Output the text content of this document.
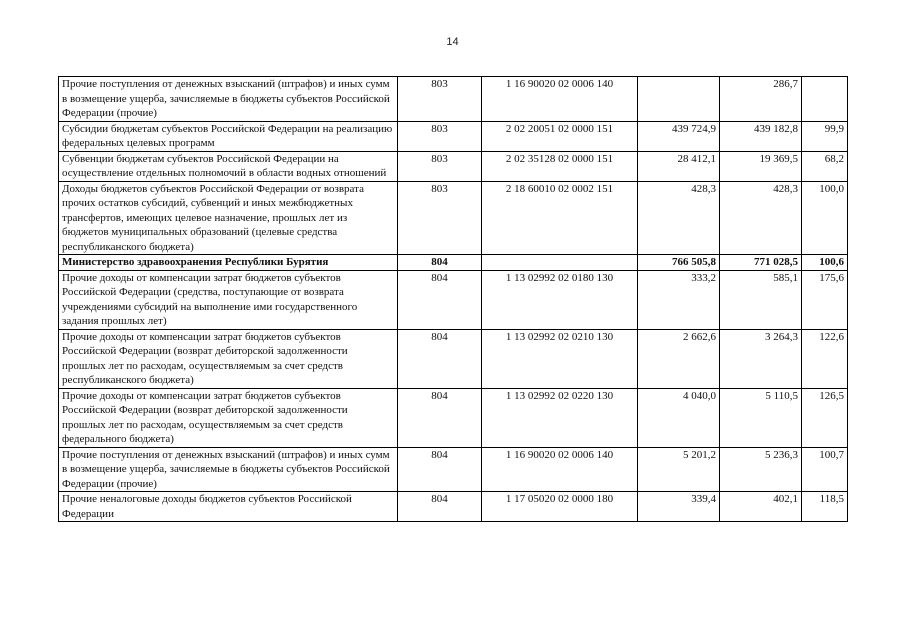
14
Прочие поступления от денежных взысканий (штрафов) и иных сумм в возмещение ущерба, зачисляемые в бюджеты субъектов Российской Федерации (прочие)	803	1 16 90020 02 0006 140		286,7	
Субсидии бюджетам субъектов Российской Федерации на реализацию федеральных целевых программ	803	2 02 20051 02 0000 151	439 724,9	439 182,8	99,9
Субвенции бюджетам субъектов Российской Федерации на осуществление отдельных полномочий в области водных отношений	803	2 02 35128 02 0000 151	28 412,1	19 369,5	68,2
Доходы бюджетов субъектов Российской Федерации от возврата прочих остатков субсидий, субвенций и иных межбюджетных трансфертов, имеющих целевое назначение, прошлых лет из бюджетов муниципальных образований (целевые средства республиканского бюджета)	803	2 18 60010 02 0002 151	428,3	428,3	100,0
Министерство здравоохранения Республики Бурятия	804		766 505,8	771 028,5	100,6
Прочие доходы от компенсации затрат бюджетов субъектов Российской Федерации (средства, поступающие от возврата учреждениями субсидий на выполнение ими государственного задания прошлых лет)	804	1 13 02992 02 0180 130	333,2	585,1	175,6
Прочие доходы от компенсации затрат бюджетов субъектов Российской Федерации (возврат дебиторской задолженности прошлых лет по расходам, осуществляемым за счет средств республиканского бюджета)	804	1 13 02992 02 0210 130	2 662,6	3 264,3	122,6
Прочие доходы от компенсации затрат бюджетов субъектов Российской Федерации (возврат дебиторской задолженности прошлых лет по расходам, осуществляемым за счет средств федерального бюджета)	804	1 13 02992 02 0220 130	4 040,0	5 110,5	126,5
Прочие поступления от денежных взысканий (штрафов) и иных сумм в возмещение ущерба, зачисляемые в бюджеты субъектов Российской Федерации (прочие)	804	1 16 90020 02 0006 140	5 201,2	5 236,3	100,7
Прочие неналоговые доходы бюджетов субъектов Российской Федерации	804	1 17 05020 02 0000 180	339,4	402,1	118,5
